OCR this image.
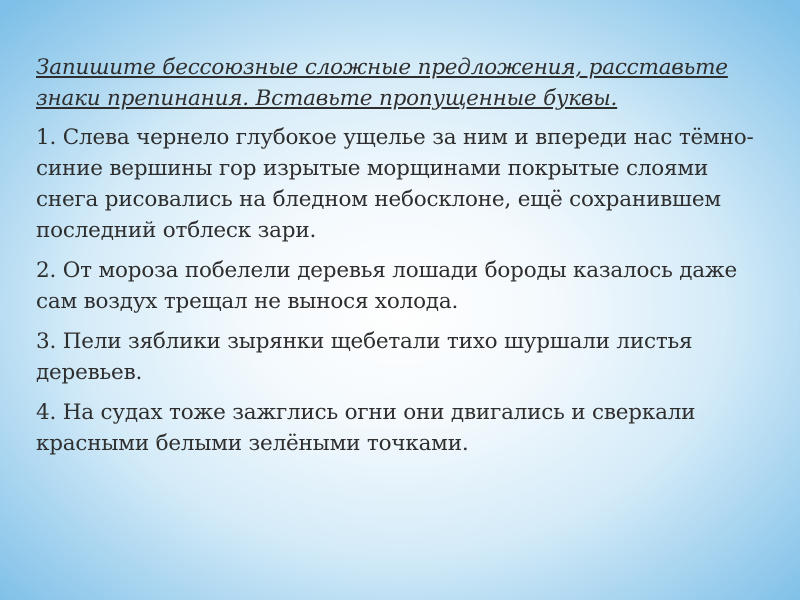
Запишите бессоюзные сложные предложения, расставьте знаки препинания. Вставьте пропущенные буквы.

1. Слева чернело глубокое ущелье за ним и впереди нас тёмно-синие вершины гор изрытые морщинами покрытые слоями снега рисовались на бледном небосклоне, ещё сохранившем последний отблеск зари.

2. От мороза побелели деревья лошади бороды казалось даже сам воздух трещал не вынося холода.

3. Пели зяблики зырянки щебетали тихо шуршали листья деревьев.

4. На судах тоже зажглись огни они двигались и сверкали красными белыми зелёными точками.
